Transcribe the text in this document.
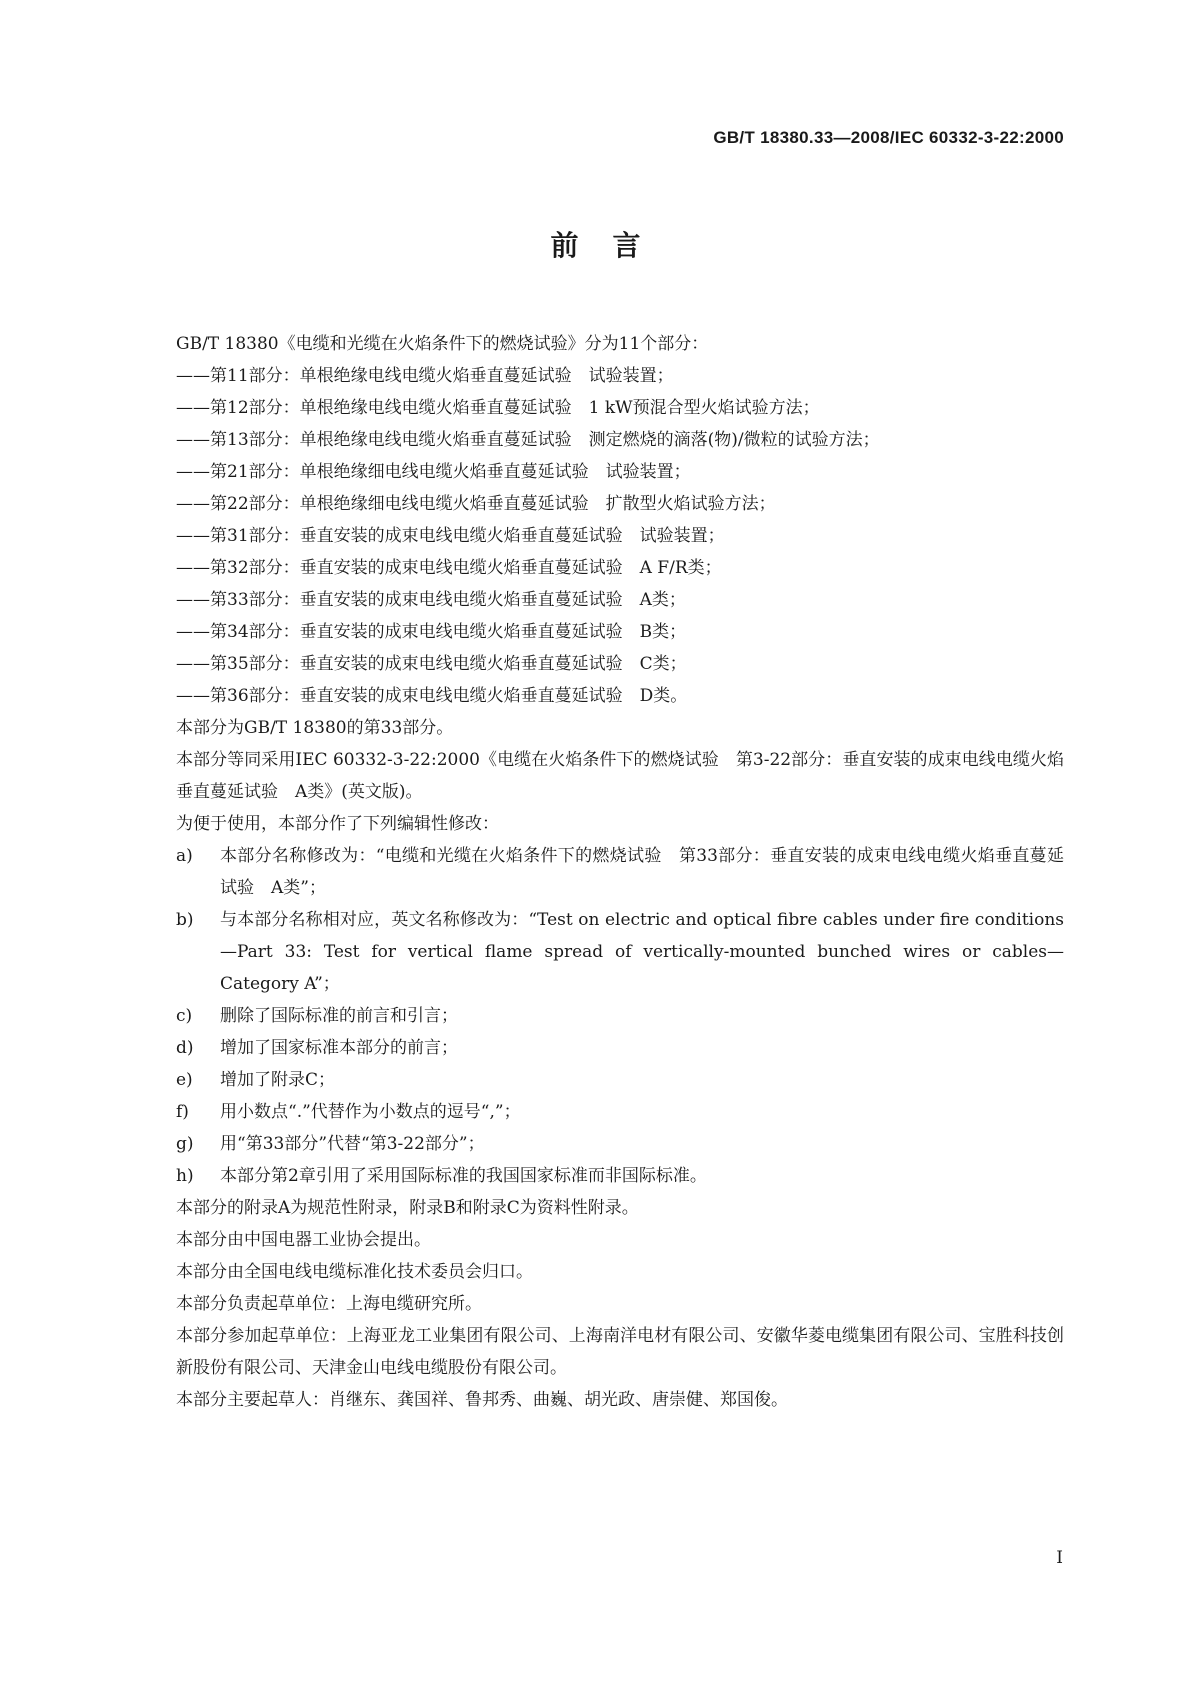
GB/T 18380.33—2008/IEC 60332-3-22:2000
前言
GB/T 18380《电缆和光缆在火焰条件下的燃烧试验》分为11个部分：
——第11部分：单根绝缘电线电缆火焰垂直蔓延试验　试验装置；
——第12部分：单根绝缘电线电缆火焰垂直蔓延试验　1 kW预混合型火焰试验方法；
——第13部分：单根绝缘电线电缆火焰垂直蔓延试验　测定燃烧的滴落(物)/微粒的试验方法；
——第21部分：单根绝缘细电线电缆火焰垂直蔓延试验　试验装置；
——第22部分：单根绝缘细电线电缆火焰垂直蔓延试验　扩散型火焰试验方法；
——第31部分：垂直安装的成束电线电缆火焰垂直蔓延试验　试验装置；
——第32部分：垂直安装的成束电线电缆火焰垂直蔓延试验　A F/R类；
——第33部分：垂直安装的成束电线电缆火焰垂直蔓延试验　A类；
——第34部分：垂直安装的成束电线电缆火焰垂直蔓延试验　B类；
——第35部分：垂直安装的成束电线电缆火焰垂直蔓延试验　C类；
——第36部分：垂直安装的成束电线电缆火焰垂直蔓延试验　D类。
本部分为GB/T 18380的第33部分。
本部分等同采用IEC 60332-3-22:2000《电缆在火焰条件下的燃烧试验　第3-22部分：垂直安装的成束电线电缆火焰垂直蔓延试验　A类》(英文版)。
为便于使用，本部分作了下列编辑性修改：
a)	本部分名称修改为：“电缆和光缆在火焰条件下的燃烧试验　第33部分：垂直安装的成束电线电缆火焰垂直蔓延试验　A类”；
b)	与本部分名称相对应，英文名称修改为：“Test on electric and optical fibre cables under fire conditions—Part 33: Test for vertical flame spread of vertically-mounted bunched wires or cables—Category A”；
c)	删除了国际标准的前言和引言；
d)	增加了国家标准本部分的前言；
e)	增加了附录C；
f)	用小数点“.”代替作为小数点的逗号“,”；
g)	用“第33部分”代替“第3-22部分”；
h)	本部分第2章引用了采用国际标准的我国国家标准而非国际标准。
本部分的附录A为规范性附录，附录B和附录C为资料性附录。
本部分由中国电器工业协会提出。
本部分由全国电线电缆标准化技术委员会归口。
本部分负责起草单位：上海电缆研究所。
本部分参加起草单位：上海亚龙工业集团有限公司、上海南洋电材有限公司、安徽华菱电缆集团有限公司、宝胜科技创新股份有限公司、天津金山电线电缆股份有限公司。
本部分主要起草人：肖继东、龚国祥、鲁邦秀、曲巍、胡光政、唐崇健、郑国俊。
I
